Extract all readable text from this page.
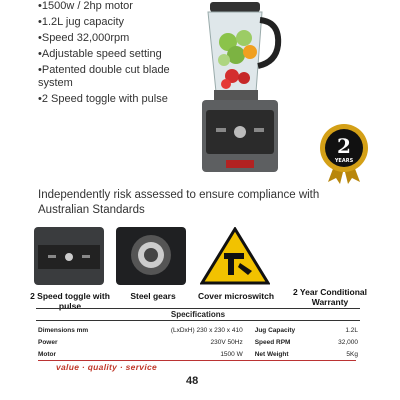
•1500w / 2hp motor
•1.2L jug capacity
•Speed 32,000rpm
•Adjustable speed setting
•Patented double cut blade system
•2 Speed toggle with pulse
2
YEARS
Independently risk assessed to ensure compliance with Australian Standards
2 Speed toggle with pulse
Steel gears	Cover microswitch	2 Year Conditional Warranty
Specifications
Dimensions mm	(LxDxH) 230 x 230 x 410	Jug Capacity	1.2L
Power	230V 50Hz	Speed RPM	32,000
Motor	1500 W	Net Weight	5Kg
value · quality · service
48
